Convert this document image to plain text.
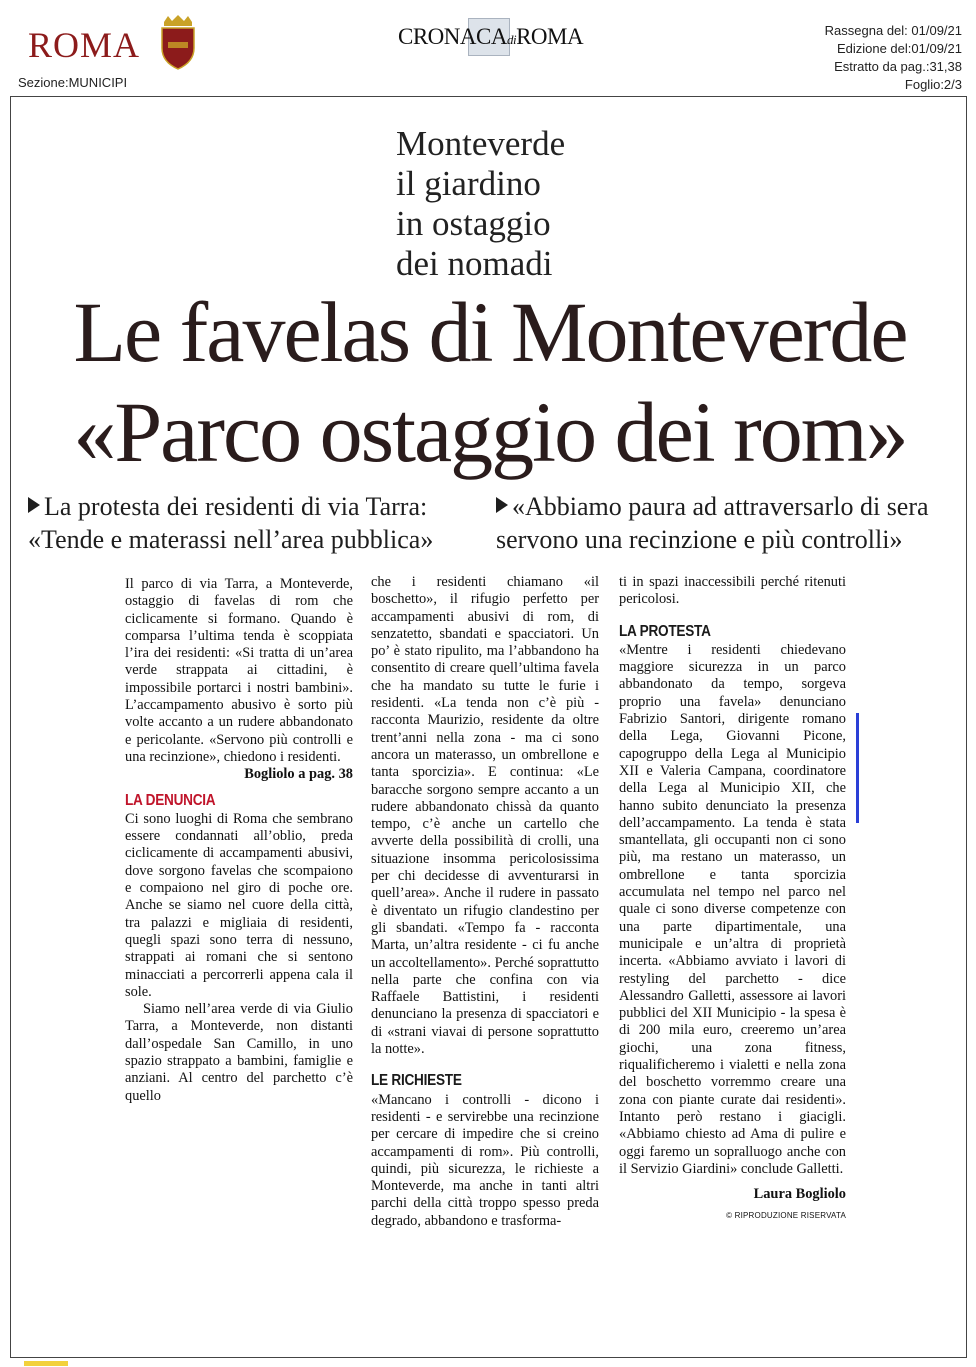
ROMA
Sezione:MUNICIPI
CRONACAdiROMA	Rassegna del: 01/09/21
Edizione del:01/09/21
Estratto da pag.:31,38
Foglio:2/3
Monteverde
il giardino
in ostaggio
dei nomadi
Le favelas di Monteverde
«Parco ostaggio dei rom»
La protesta dei residenti di via Tarra:
«Tende e materassi nell’area pubblica»
«Abbiamo paura ad attraversarlo di sera
servono una recinzione e più controlli»

Il parco di via Tarra, a Monteverde, ostaggio di favelas di rom che ciclicamente si formano. Quando è comparsa l’ultima tenda è scoppiata l’ira dei residenti: «Si tratta di un’area verde strappata ai cittadini, è impossibile portarci i nostri bambini». L’accampamento abusivo è sorto più volte accanto a un rudere abbandonato e pericolante. «Servono più controlli e una recinzione», chiedono i residenti.

Bogliolo a pag. 38

LA DENUNCIA

Ci sono luoghi di Roma che sembrano essere condannati all’oblio, preda ciclicamente di accampamenti abusivi, dove sorgono favelas che scompaiono e compaiono nel giro di poche ore. Anche se siamo nel cuore della città, tra palazzi e migliaia di residenti, quegli spazi sono terra di nessuno, strappati ai romani che si sentono minacciati a percorrerli appena cala il sole.

Siamo nell’area verde di via Giulio Tarra, a Monteverde, non distanti dall’ospedale San Camillo, in uno spazio strappato a bambini, famiglie e anziani. Al centro del parchetto c’è quello

che i residenti chiamano «il boschetto», il rifugio perfetto per accampamenti abusivi di rom, di senzatetto, sbandati e spacciatori. Un po’ è stato ripulito, ma l’abbandono ha consentito di creare quell’ultima favela che ha mandato su tutte le furie i residenti. «La tenda non c’è più - racconta Maurizio, residente da oltre trent’anni nella zona - ma ci sono ancora un materasso, un ombrellone e tanta sporcizia». E continua: «Le baracche sorgono sempre accanto a un rudere abbandonato chissà da quanto tempo, c’è anche un cartello che avverte della possibilità di crolli, una situazione insomma pericolosissima per chi decidesse di avventurarsi in quell’area». Anche il rudere in passato è diventato un rifugio clandestino per gli sbandati. «Tempo fa - racconta Marta, un’altra residente - ci fu anche un accoltellamento». Perché soprattutto nella parte che confina con via Raffaele Battistini, i residenti denunciano la presenza di spacciatori e di «strani viavai di persone soprattutto la notte».

LE RICHIESTE

«Mancano i controlli - dicono i residenti - e servirebbe una recinzione per cercare di impedire che si creino accampamenti di rom». Più controlli, quindi, più sicurezza, le richieste a Monteverde, ma anche in tanti altri parchi della città troppo spesso preda degrado, abbandono e trasforma-

ti in spazi inaccessibili perché ritenuti pericolosi.

LA PROTESTA

«Mentre i residenti chiedevano maggiore sicurezza in un parco abbandonato da tempo, sorgeva proprio una favela» denunciano Fabrizio Santori, dirigente romano della Lega, Giovanni Picone, capogruppo della Lega al Municipio XII e Valeria Campana, coordinatore della Lega al Municipio XII, che hanno subito denunciato la presenza dell’accampamento. La tenda è stata smantellata, gli occupanti non ci sono più, ma restano un materasso, un ombrellone e tanta sporcizia accumulata nel tempo nel parco nel quale ci sono diverse competenze con una parte dipartimentale, una municipale e un’altra di proprietà incerta. «Abbiamo avviato i lavori di restyling del parchetto - dice Alessandro Galletti, assessore ai lavori pubblici del XII Municipio - la spesa è di 200 mila euro, creeremo un’area giochi, una zona fitness, riqualificheremo i vialetti e nella zona del boschetto vorremmo creare una zona con piante curate dai residenti». Intanto però restano i giacigli. «Abbiamo chiesto ad Ama di pulire e oggi faremo un sopralluogo anche con il Servizio Giardini» conclude Galletti.

Laura Bogliolo
© RIPRODUZIONE RISERVATA
